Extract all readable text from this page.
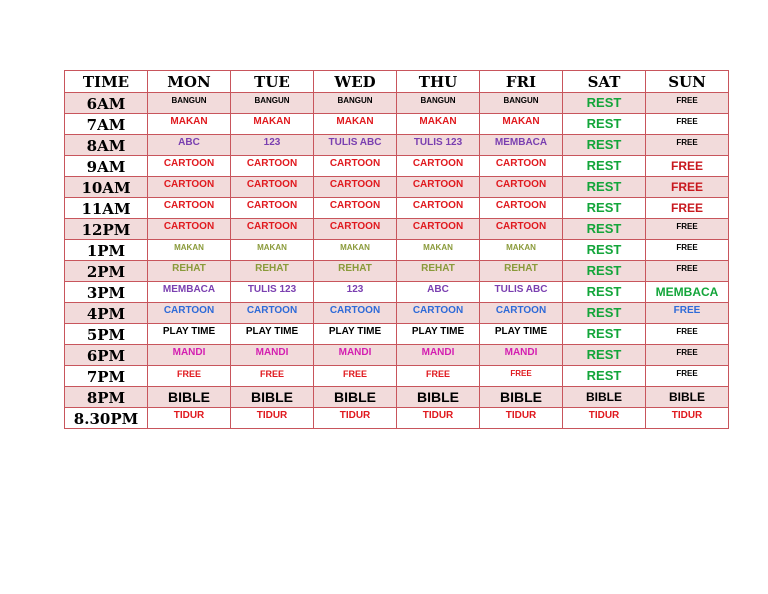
TIME	MON	TUE	WED	THU	FRI	SAT	SUN
6AM	BANGUN	BANGUN	BANGUN	BANGUN	BANGUN	REST	FREE
7AM	MAKAN	MAKAN	MAKAN	MAKAN	MAKAN	REST	FREE
8AM	ABC	123	TULIS ABC	TULIS 123	MEMBACA	REST	FREE
9AM	CARTOON	CARTOON	CARTOON	CARTOON	CARTOON	REST	FREE
10AM	CARTOON	CARTOON	CARTOON	CARTOON	CARTOON	REST	FREE
11AM	CARTOON	CARTOON	CARTOON	CARTOON	CARTOON	REST	FREE
12PM	CARTOON	CARTOON	CARTOON	CARTOON	CARTOON	REST	FREE
1PM	MAKAN	MAKAN	MAKAN	MAKAN	MAKAN	REST	FREE
2PM	REHAT	REHAT	REHAT	REHAT	REHAT	REST	FREE
3PM	MEMBACA	TULIS 123	123	ABC	TULIS ABC	REST	MEMBACA
4PM	CARTOON	CARTOON	CARTOON	CARTOON	CARTOON	REST	FREE
5PM	PLAY TIME	PLAY TIME	PLAY TIME	PLAY TIME	PLAY TIME	REST	FREE
6PM	MANDI	MANDI	MANDI	MANDI	MANDI	REST	FREE
7PM	FREE	FREE	FREE	FREE	FREE	REST	FREE
8PM	BIBLE	BIBLE	BIBLE	BIBLE	BIBLE	BIBLE	BIBLE
8.30PM	TIDUR	TIDUR	TIDUR	TIDUR	TIDUR	TIDUR	TIDUR
